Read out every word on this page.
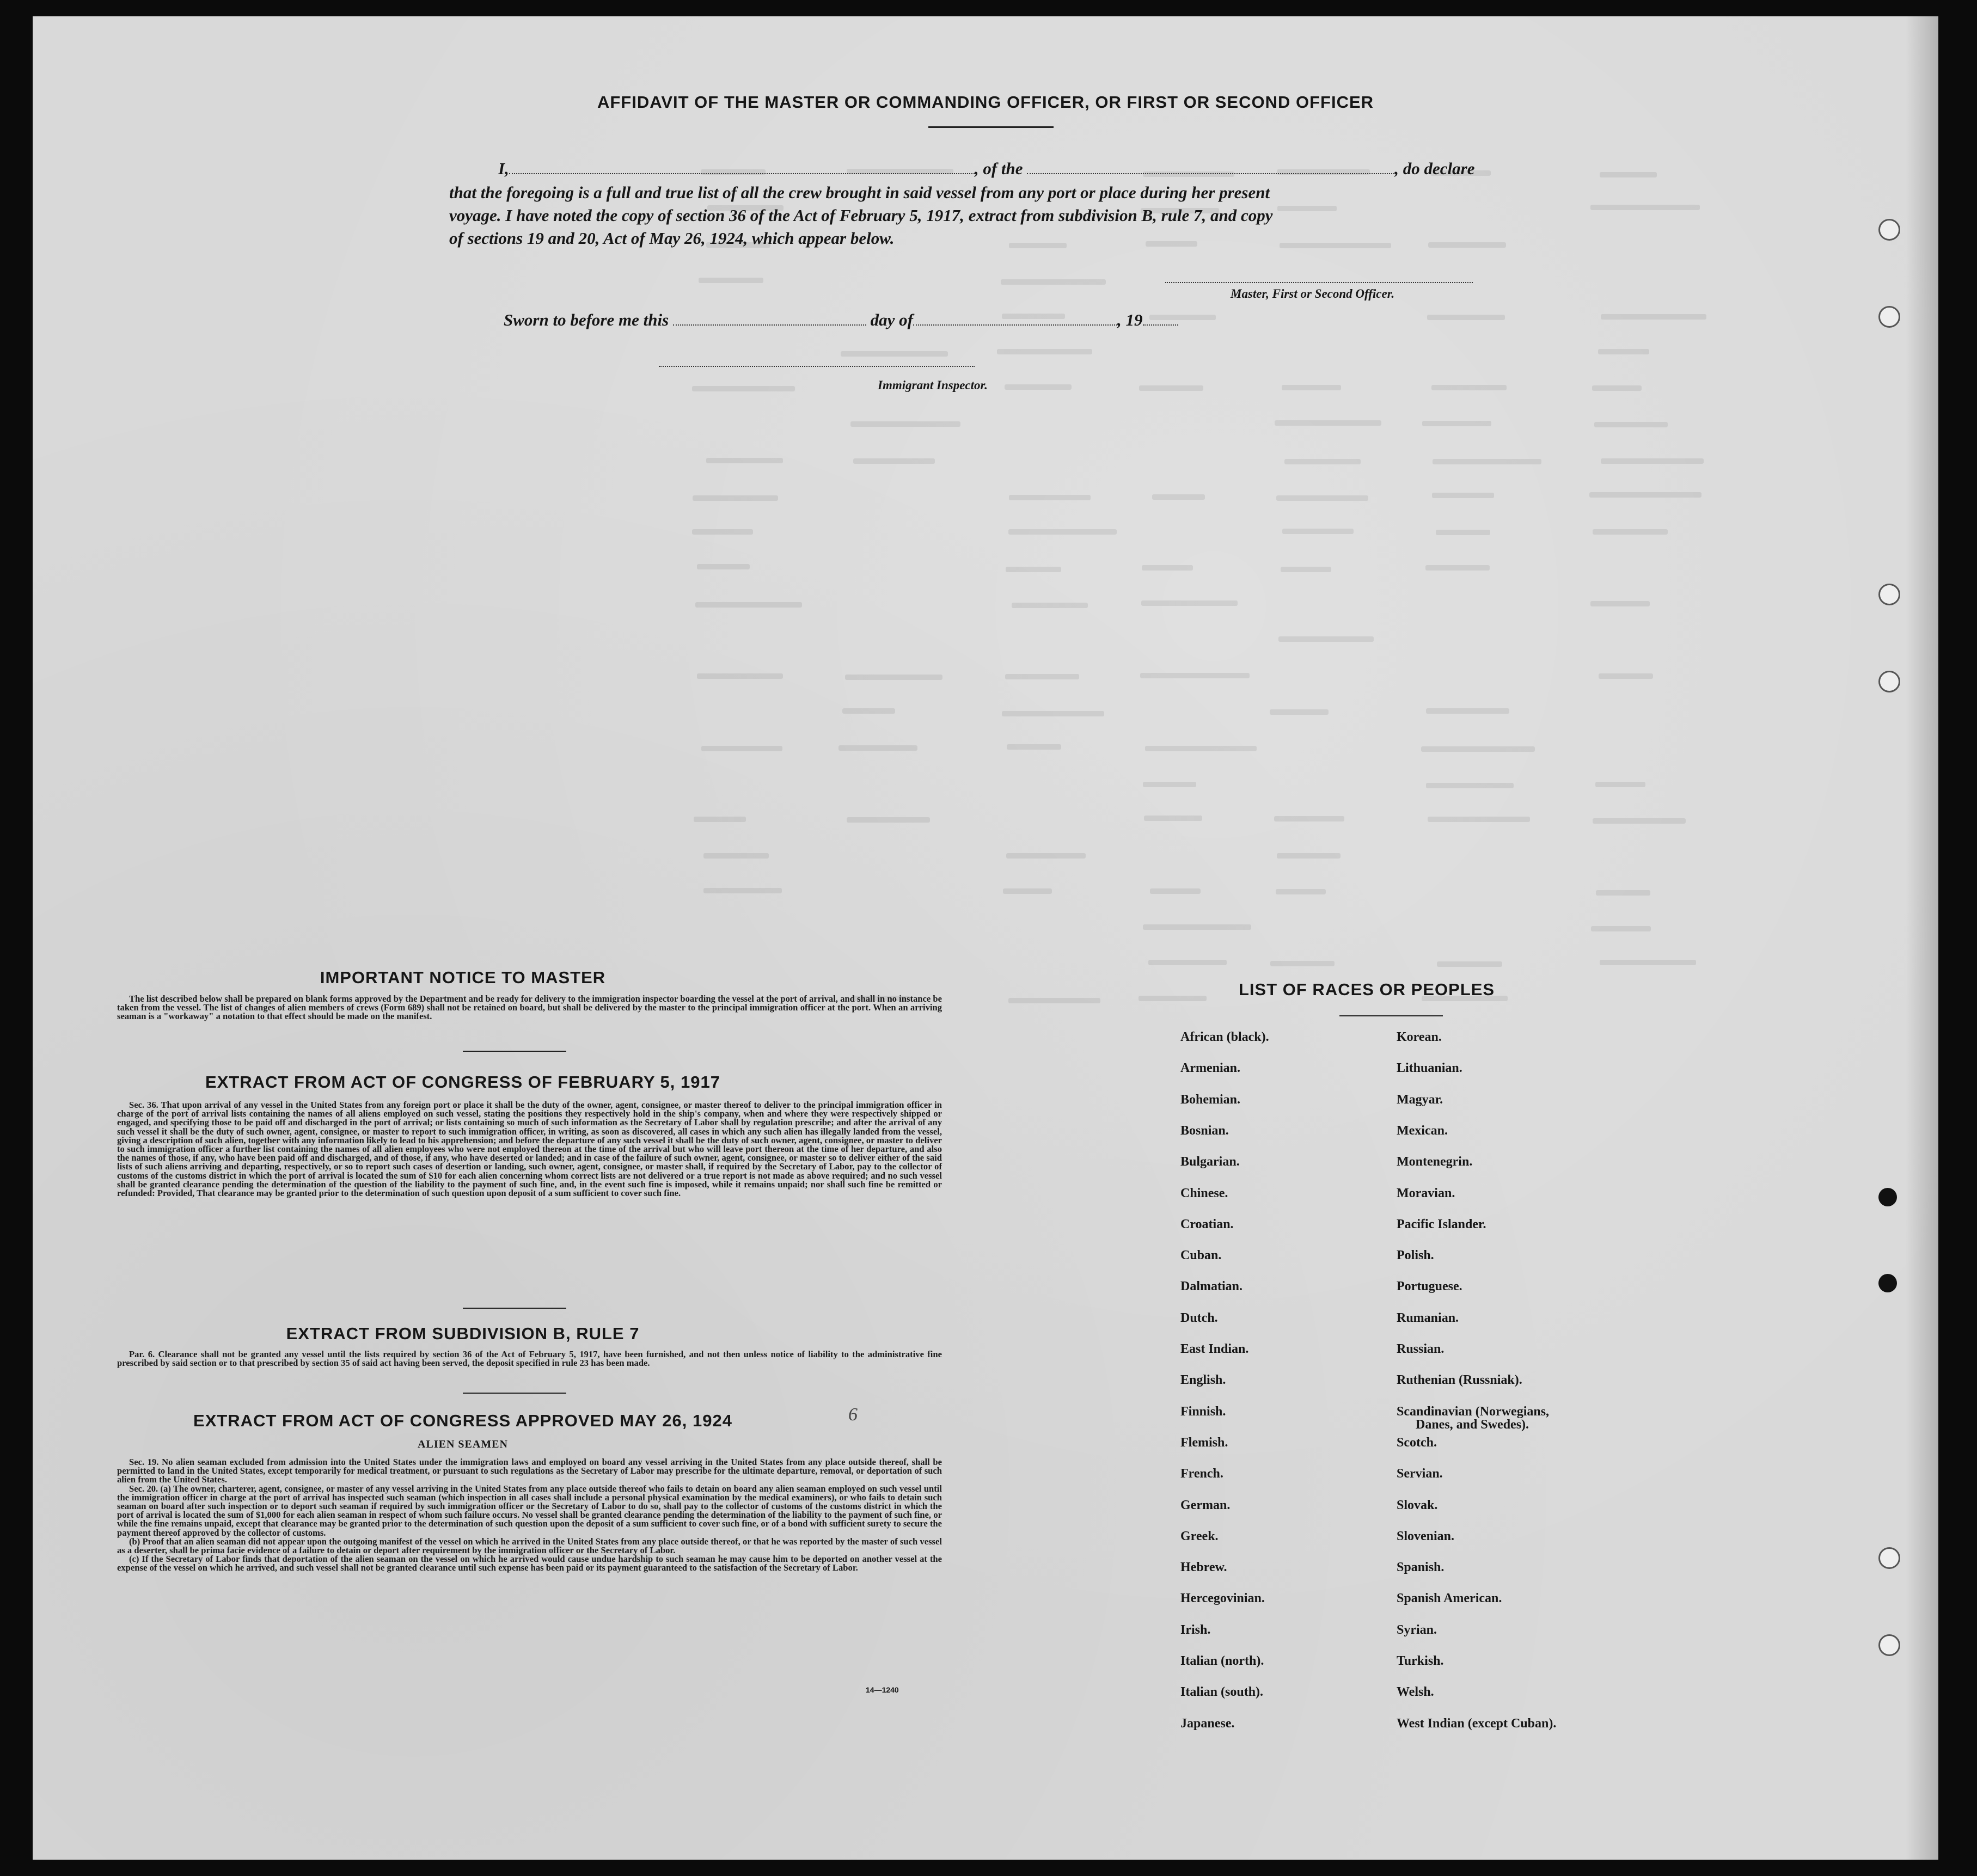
AFFIDAVIT OF THE MASTER OR COMMANDING OFFICER, OR FIRST OR SECOND OFFICER
I,	, of the	, do declare
that the foregoing is a full and true list of all the crew brought in said vessel from any port or place during her present
voyage. I have noted the copy of section 36 of the Act of February 5, 1917, extract from subdivision B, rule 7, and copy
of sections 19 and 20, Act of May 26, 1924, which appear below.
Master, First or Second Officer.
Sworn to before me this	day of	, 19
Immigrant Inspector.
IMPORTANT NOTICE TO MASTER

The list described below shall be prepared on blank forms approved by the Department and be ready for delivery to the immigration inspector boarding the vessel at the port of arrival, and shall in no instance be taken from the vessel. The list of changes of alien members of crews (Form 689) shall not be retained on board, but shall be delivered by the master to the principal immigration officer at the port. When an arriving seaman is a "workaway" a notation to that effect should be made on the manifest.

EXTRACT FROM ACT OF CONGRESS OF FEBRUARY 5, 1917

Sec. 36. That upon arrival of any vessel in the United States from any foreign port or place it shall be the duty of the owner, agent, consignee, or master thereof to deliver to the principal immigration officer in charge of the port of arrival lists containing the names of all aliens employed on such vessel, stating the positions they respectively hold in the ship's company, when and where they were respectively shipped or engaged, and specifying those to be paid off and discharged in the port of arrival; or lists containing so much of such information as the Secretary of Labor shall by regulation prescribe; and after the arrival of any such vessel it shall be the duty of such owner, agent, consignee, or master to report to such immigration officer, in writing, as soon as discovered, all cases in which any such alien has illegally landed from the vessel, giving a description of such alien, together with any information likely to lead to his apprehension; and before the departure of any such vessel it shall be the duty of such owner, agent, consignee, or master to deliver to such immigration officer a further list containing the names of all alien employees who were not employed thereon at the time of the arrival but who will leave port thereon at the time of her departure, and also the names of those, if any, who have been paid off and discharged, and of those, if any, who have deserted or landed; and in case of the failure of such owner, agent, consignee, or master so to deliver either of the said lists of such aliens arriving and departing, respectively, or so to report such cases of desertion or landing, such owner, agent, consignee, or master shall, if required by the Secretary of Labor, pay to the collector of customs of the customs district in which the port of arrival is located the sum of $10 for each alien concerning whom correct lists are not delivered or a true report is not made as above required; and no such vessel shall be granted clearance pending the determination of the question of the liability to the payment of such fine, and, in the event such fine is imposed, while it remains unpaid; nor shall such fine be remitted or refunded: Provided, That clearance may be granted prior to the determination of such question upon deposit of a sum sufficient to cover such fine.

EXTRACT FROM SUBDIVISION B, RULE 7

Par. 6. Clearance shall not be granted any vessel until the lists required by section 36 of the Act of February 5, 1917, have been furnished, and not then unless notice of liability to the administrative fine prescribed by said section or to that prescribed by section 35 of said act having been served, the deposit specified in rule 23 has been made.

EXTRACT FROM ACT OF CONGRESS APPROVED MAY 26, 1924	6
ALIEN SEAMEN

Sec. 19. No alien seaman excluded from admission into the United States under the immigration laws and employed on board any vessel arriving in the United States from any place outside thereof, shall be permitted to land in the United States, except temporarily for medical treatment, or pursuant to such regulations as the Secretary of Labor may prescribe for the ultimate departure, removal, or deportation of such alien from the United States.

Sec. 20. (a) The owner, charterer, agent, consignee, or master of any vessel arriving in the United States from any place outside thereof who fails to detain on board any alien seaman employed on such vessel until the immigration officer in charge at the port of arrival has inspected such seaman (which inspection in all cases shall include a personal physical examination by the medical examiners), or who fails to detain such seaman on board after such inspection or to deport such seaman if required by such immigration officer or the Secretary of Labor to do so, shall pay to the collector of customs of the customs district in which the port of arrival is located the sum of $1,000 for each alien seaman in respect of whom such failure occurs. No vessel shall be granted clearance pending the determination of the liability to the payment of such fine, or while the fine remains unpaid, except that clearance may be granted prior to the determination of such question upon the deposit of a sum sufficient to cover such fine, or of a bond with sufficient surety to secure the payment thereof approved by the collector of customs.

(b) Proof that an alien seaman did not appear upon the outgoing manifest of the vessel on which he arrived in the United States from any place outside thereof, or that he was reported by the master of such vessel as a deserter, shall be prima facie evidence of a failure to detain or deport after requirement by the immigration officer or the Secretary of Labor.

(c) If the Secretary of Labor finds that deportation of the alien seaman on the vessel on which he arrived would cause undue hardship to such seaman he may cause him to be deported on another vessel at the expense of the vessel on which he arrived, and such vessel shall not be granted clearance until such expense has been paid or its payment guaranteed to the satisfaction of the Secretary of Labor.

14—1240
LIST OF RACES OR PEOPLES
African (black).
Armenian.
Bohemian.
Bosnian.
Bulgarian.
Chinese.
Croatian.
Cuban.
Dalmatian.
Dutch.
East Indian.
English.
Finnish.
Flemish.
French.
German.
Greek.
Hebrew.
Hercegovinian.
Irish.
Italian (north).
Italian (south).
Japanese.
Korean.
Lithuanian.
Magyar.
Mexican.
Montenegrin.
Moravian.
Pacific Islander.
Polish.
Portuguese.
Rumanian.
Russian.
Ruthenian (Russniak).
Scandinavian (Norwegians,
Danes, and Swedes).
Scotch.
Servian.
Slovak.
Slovenian.
Spanish.
Spanish American.
Syrian.
Turkish.
Welsh.
West Indian (except Cuban).
